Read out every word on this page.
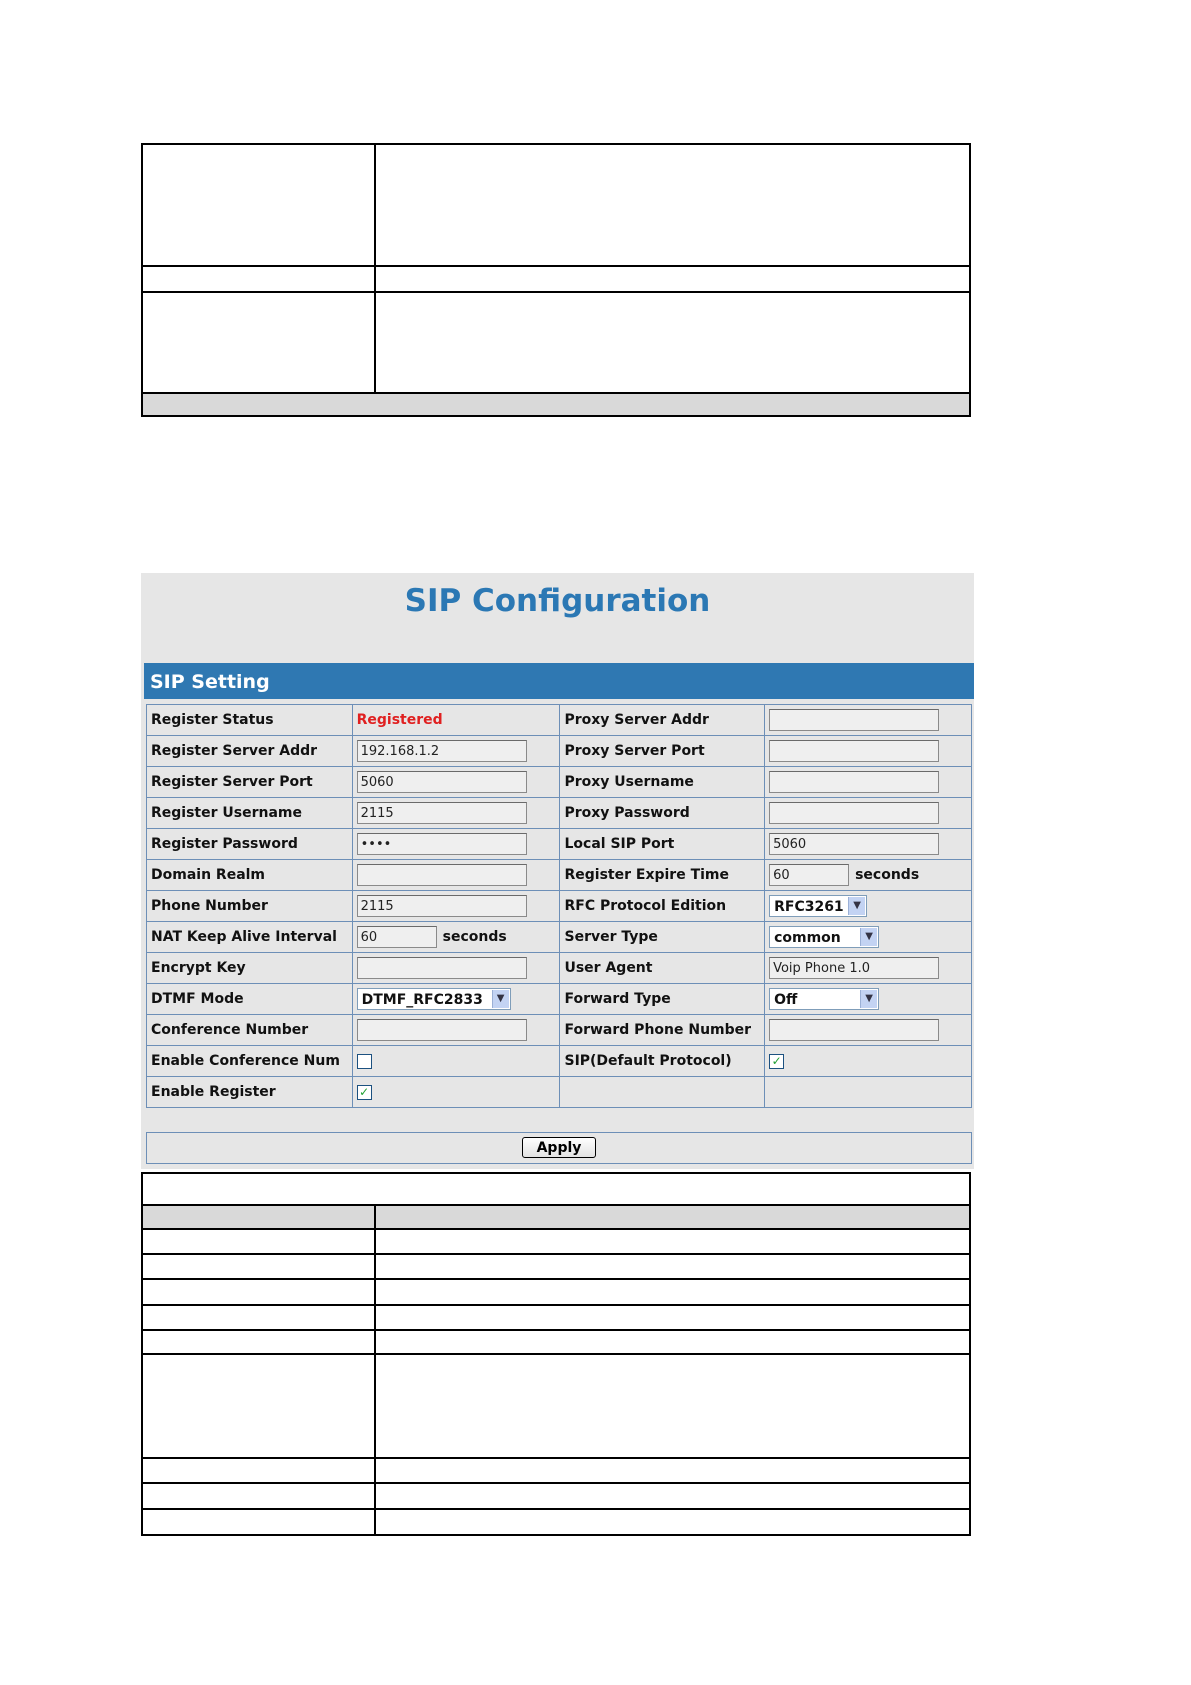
SIP Configuration
SIP Setting
Register Status	Registered	Proxy Server Addr	
Register Server Addr	192.168.1.2	Proxy Server Port	
Register Server Port	5060	Proxy Username	
Register Username	2115	Proxy Password	
Register Password	••••	Local SIP Port	5060
Domain Realm		Register Expire Time	60 seconds
Phone Number	2115	RFC Protocol Edition	RFC3261 ▼

NAT Keep Alive Interval	60 seconds	Server Type	common ▼

Encrypt Key		User Agent	Voip Phone 1.0
DTMF Mode	DTMF_RFC2833 ▼	Forward Type	Off ▼

Conference Number		Forward Phone Number	
Enable Conference Num		SIP(Default Protocol)	✓
Enable Register	✓		
Apply
